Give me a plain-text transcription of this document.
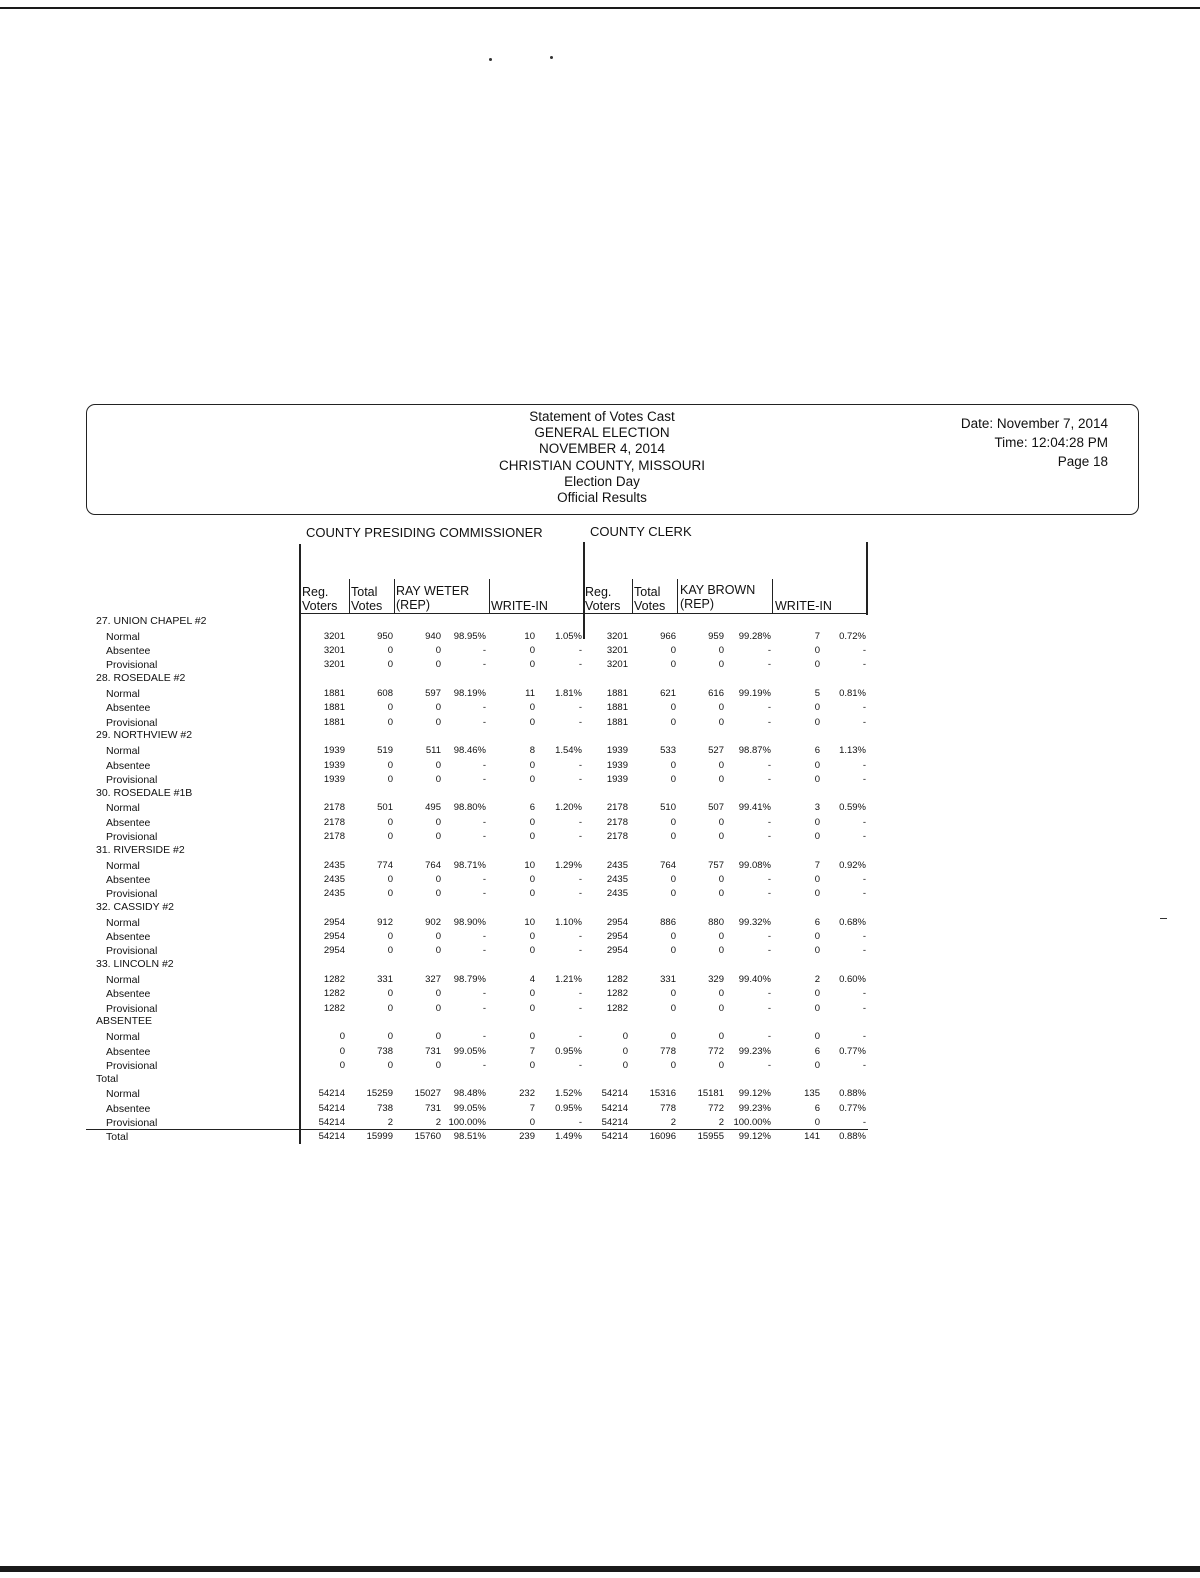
Statement of Votes Cast
GENERAL ELECTION
NOVEMBER 4, 2014
CHRISTIAN COUNTY, MISSOURI
Election Day
Official Results
Date: November 7, 2014
Time: 12:04:28 PM
Page 18
COUNTY PRESIDING COMMISSIONER	COUNTY CLERK
Reg.
Voters
Total
Votes
RAY WETER
(REP)	WRITE-IN
Reg.
Voters
Total
Votes
KAY BROWN
(REP)	WRITE-IN
27. UNION CHAPEL #2
Normal	3201	950	940	98.95%	10	1.05%	3201	966	959	99.28%	7	0.72%
Absentee	3201	0	0	-	0	-	3201	0	0	-	0	-
Provisional	3201	0	0	-	0	-	3201	0	0	-	0	-
28. ROSEDALE #2
Normal	1881	608	597	98.19%	11	1.81%	1881	621	616	99.19%	5	0.81%
Absentee	1881	0	0	-	0	-	1881	0	0	-	0	-
Provisional	1881	0	0	-	0	-	1881	0	0	-	0	-
29. NORTHVIEW #2
Normal	1939	519	511	98.46%	8	1.54%	1939	533	527	98.87%	6	1.13%
Absentee	1939	0	0	-	0	-	1939	0	0	-	0	-
Provisional	1939	0	0	-	0	-	1939	0	0	-	0	-
30. ROSEDALE #1B
Normal	2178	501	495	98.80%	6	1.20%	2178	510	507	99.41%	3	0.59%
Absentee	2178	0	0	-	0	-	2178	0	0	-	0	-
Provisional	2178	0	0	-	0	-	2178	0	0	-	0	-
31. RIVERSIDE #2
Normal	2435	774	764	98.71%	10	1.29%	2435	764	757	99.08%	7	0.92%
Absentee	2435	0	0	-	0	-	2435	0	0	-	0	-
Provisional	2435	0	0	-	0	-	2435	0	0	-	0	-
32. CASSIDY #2
Normal	2954	912	902	98.90%	10	1.10%	2954	886	880	99.32%	6	0.68%
Absentee	2954	0	0	-	0	-	2954	0	0	-	0	-
Provisional	2954	0	0	-	0	-	2954	0	0	-	0	-
33. LINCOLN #2
Normal	1282	331	327	98.79%	4	1.21%	1282	331	329	99.40%	2	0.60%
Absentee	1282	0	0	-	0	-	1282	0	0	-	0	-
Provisional	1282	0	0	-	0	-	1282	0	0	-	0	-
ABSENTEE
Normal	0	0	0	-	0	-	0	0	0	-	0	-
Absentee	0	738	731	99.05%	7	0.95%	0	778	772	99.23%	6	0.77%
Provisional	0	0	0	-	0	-	0	0	0	-	0	-
Total
Normal	54214	15259	15027	98.48%	232	1.52%	54214	15316	15181	99.12%	135	0.88%
Absentee	54214	738	731	99.05%	7	0.95%	54214	778	772	99.23%	6	0.77%
Provisional	54214	2	2 100.00%	0	-	54214	2	2 100.00%	0	-
Total	54214	15999	15760	98.51%	239	1.49%	54214	16096	15955	99.12%	141	0.88%
